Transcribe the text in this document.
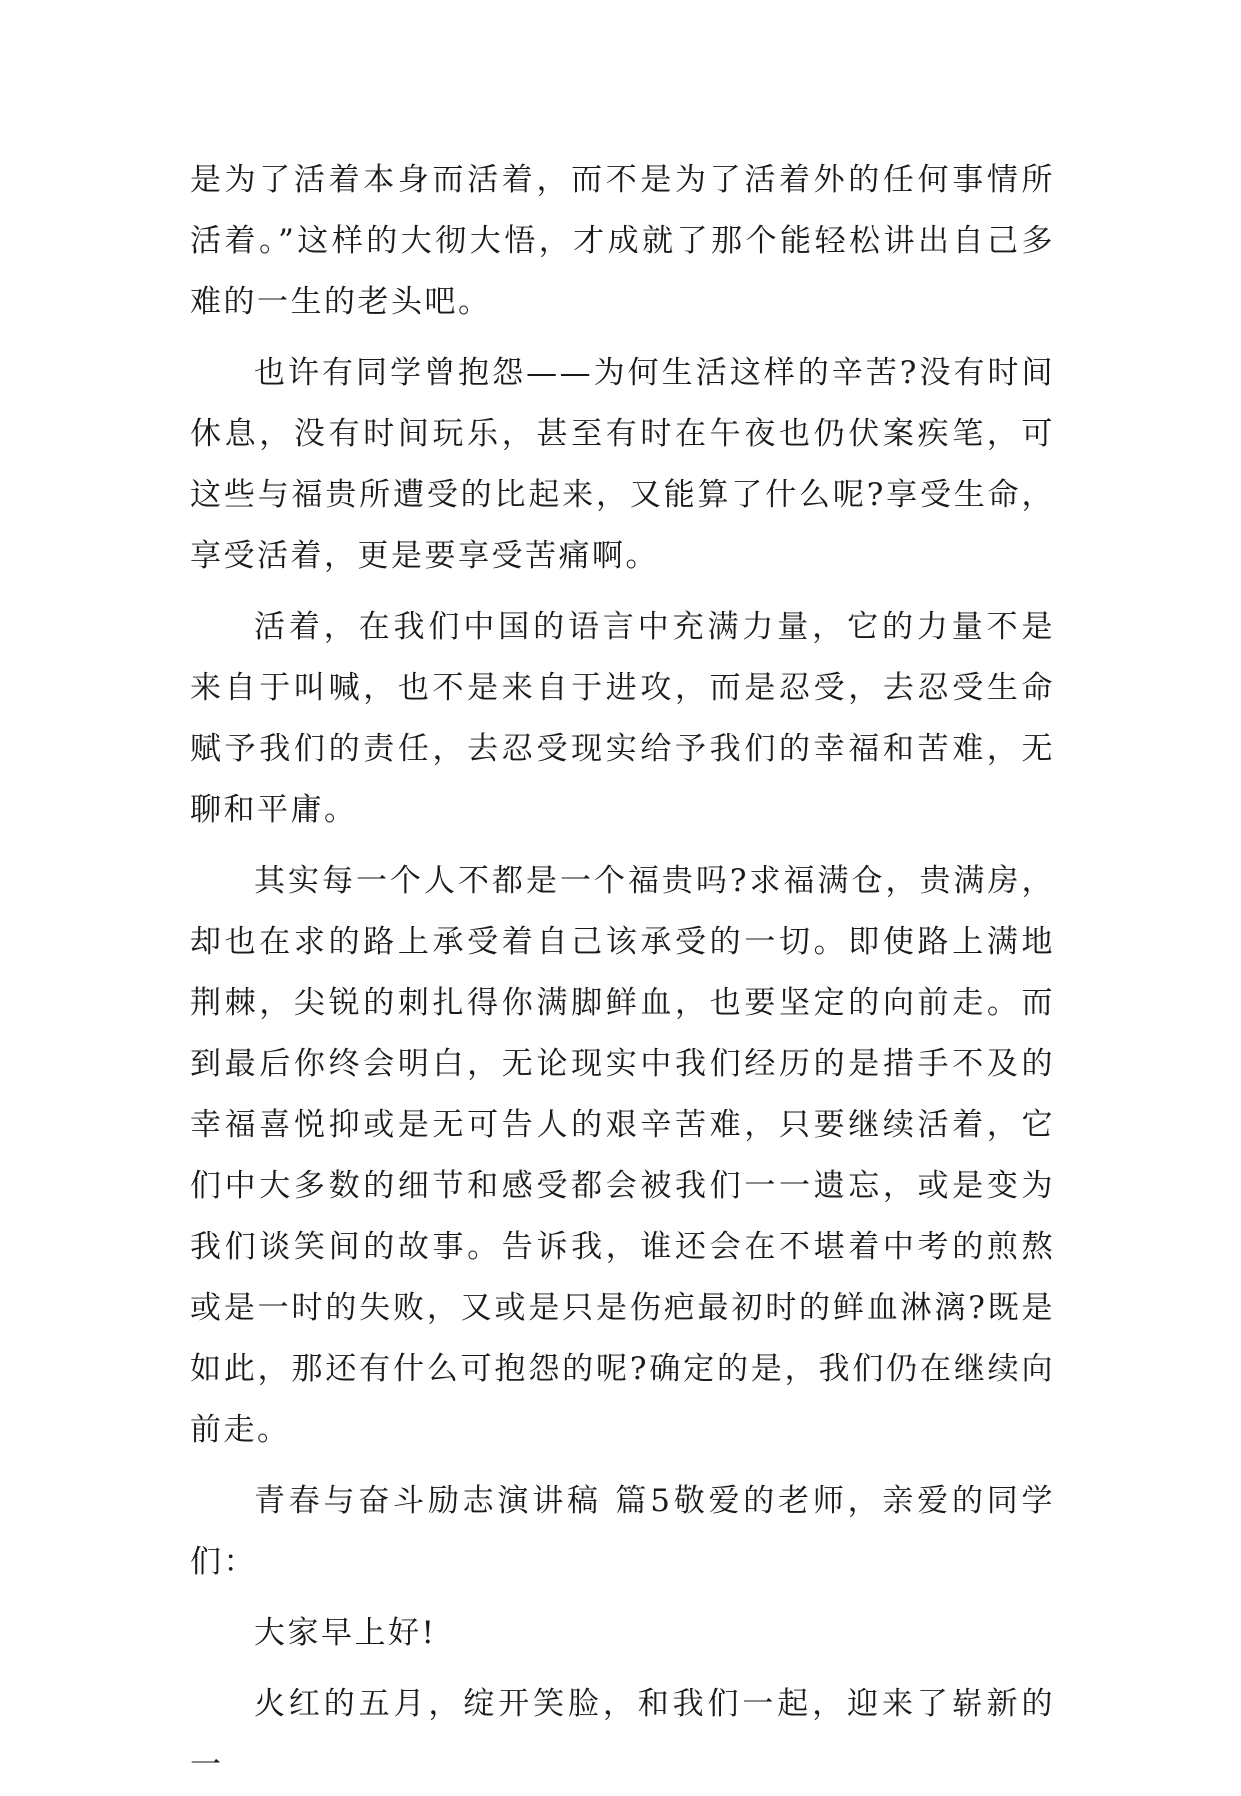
是为了活着本身而活着，而不是为了活着外的任何事情所活着。”这样的大彻大悟，才成就了那个能轻松讲出自己多难的一生的老头吧。

也许有同学曾抱怨——为何生活这样的辛苦?没有时间休息，没有时间玩乐，甚至有时在午夜也仍伏案疾笔，可这些与福贵所遭受的比起来，又能算了什么呢?享受生命，享受活着，更是要享受苦痛啊。

活着，在我们中国的语言中充满力量，它的力量不是来自于叫喊，也不是来自于进攻，而是忍受，去忍受生命赋予我们的责任，去忍受现实给予我们的幸福和苦难，无聊和平庸。

其实每一个人不都是一个福贵吗?求福满仓，贵满房，却也在求的路上承受着自己该承受的一切。即使路上满地荆棘，尖锐的刺扎得你满脚鲜血，也要坚定的向前走。而到最后你终会明白，无论现实中我们经历的是措手不及的幸福喜悦抑或是无可告人的艰辛苦难，只要继续活着，它们中大多数的细节和感受都会被我们一一遗忘，或是变为我们谈笑间的故事。告诉我，谁还会在不堪着中考的煎熬或是一时的失败，又或是只是伤疤最初时的鲜血淋漓?既是如此，那还有什么可抱怨的呢?确定的是，我们仍在继续向前走。

青春与奋斗励志演讲稿 篇5敬爱的老师，亲爱的同学们：

大家早上好!

火红的五月，绽开笑脸，和我们一起，迎来了崭新的一
